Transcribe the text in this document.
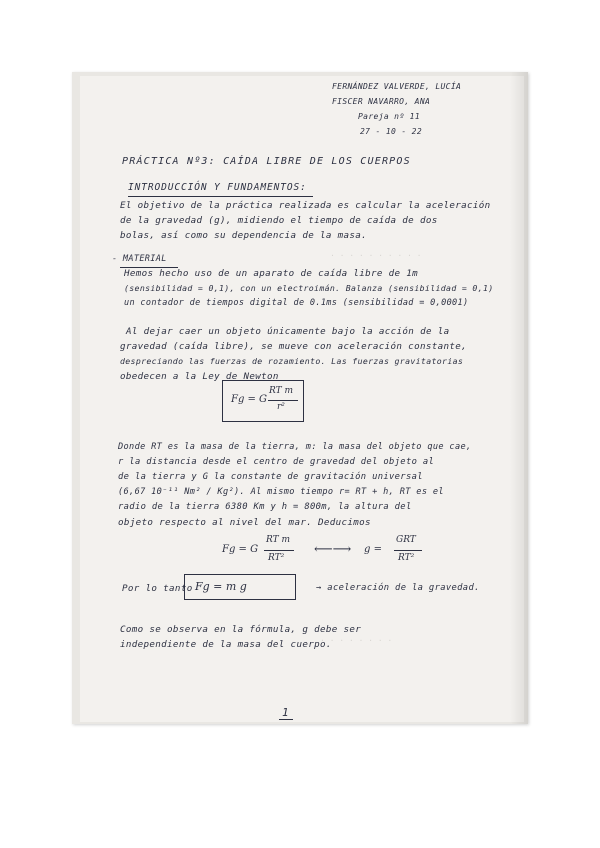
· · · · · · · · · ·
· · · · · · · ·
FERNÁNDEZ VALVERDE, LUCÍA
FISCER NAVARRO, ANA
Pareja nº 11
27 - 10 - 22
PRÁCTICA Nº3: CAÍDA LIBRE DE LOS CUERPOS
INTRODUCCIÓN Y FUNDAMENTOS:
El objetivo de la práctica realizada es calcular la aceleración
de la gravedad (g), midiendo el tiempo de caída de dos
bolas, así como su dependencia de la masa.
- MATERIAL
Hemos hecho uso de un aparato de caída libre de 1m
(sensibilidad = 0,1), con un electroimán. Balanza (sensibilidad = 0,1)
un contador de tiempos digital de 0.1ms (sensibilidad = 0,0001)
Al dejar caer un objeto únicamente bajo la acción de la
gravedad (caída libre), se mueve con aceleración constante,
despreciando las fuerzas de rozamiento. Las fuerzas gravitatorias
obedecen a la Ley de Newton
Fg = G
RT m
r²
Donde RT es la masa de la tierra, m: la masa del objeto que cae,
r la distancia desde el centro de gravedad del objeto al
de la tierra y G la constante de gravitación universal
(6,67 10⁻¹¹ Nm² / Kg²). Al mismo tiempo r= RT + h, RT es el
radio de la tierra 6380 Km y h = 800m, la altura del
objeto respecto al nivel del mar. Deducimos
Fg = G
RT m
RT²
⟵⟶ g =
GRT
RT²
Por lo tanto Fg = m g	→ aceleración de la gravedad.
Como se observa en la fórmula, g debe ser
independiente de la masa del cuerpo.
1
